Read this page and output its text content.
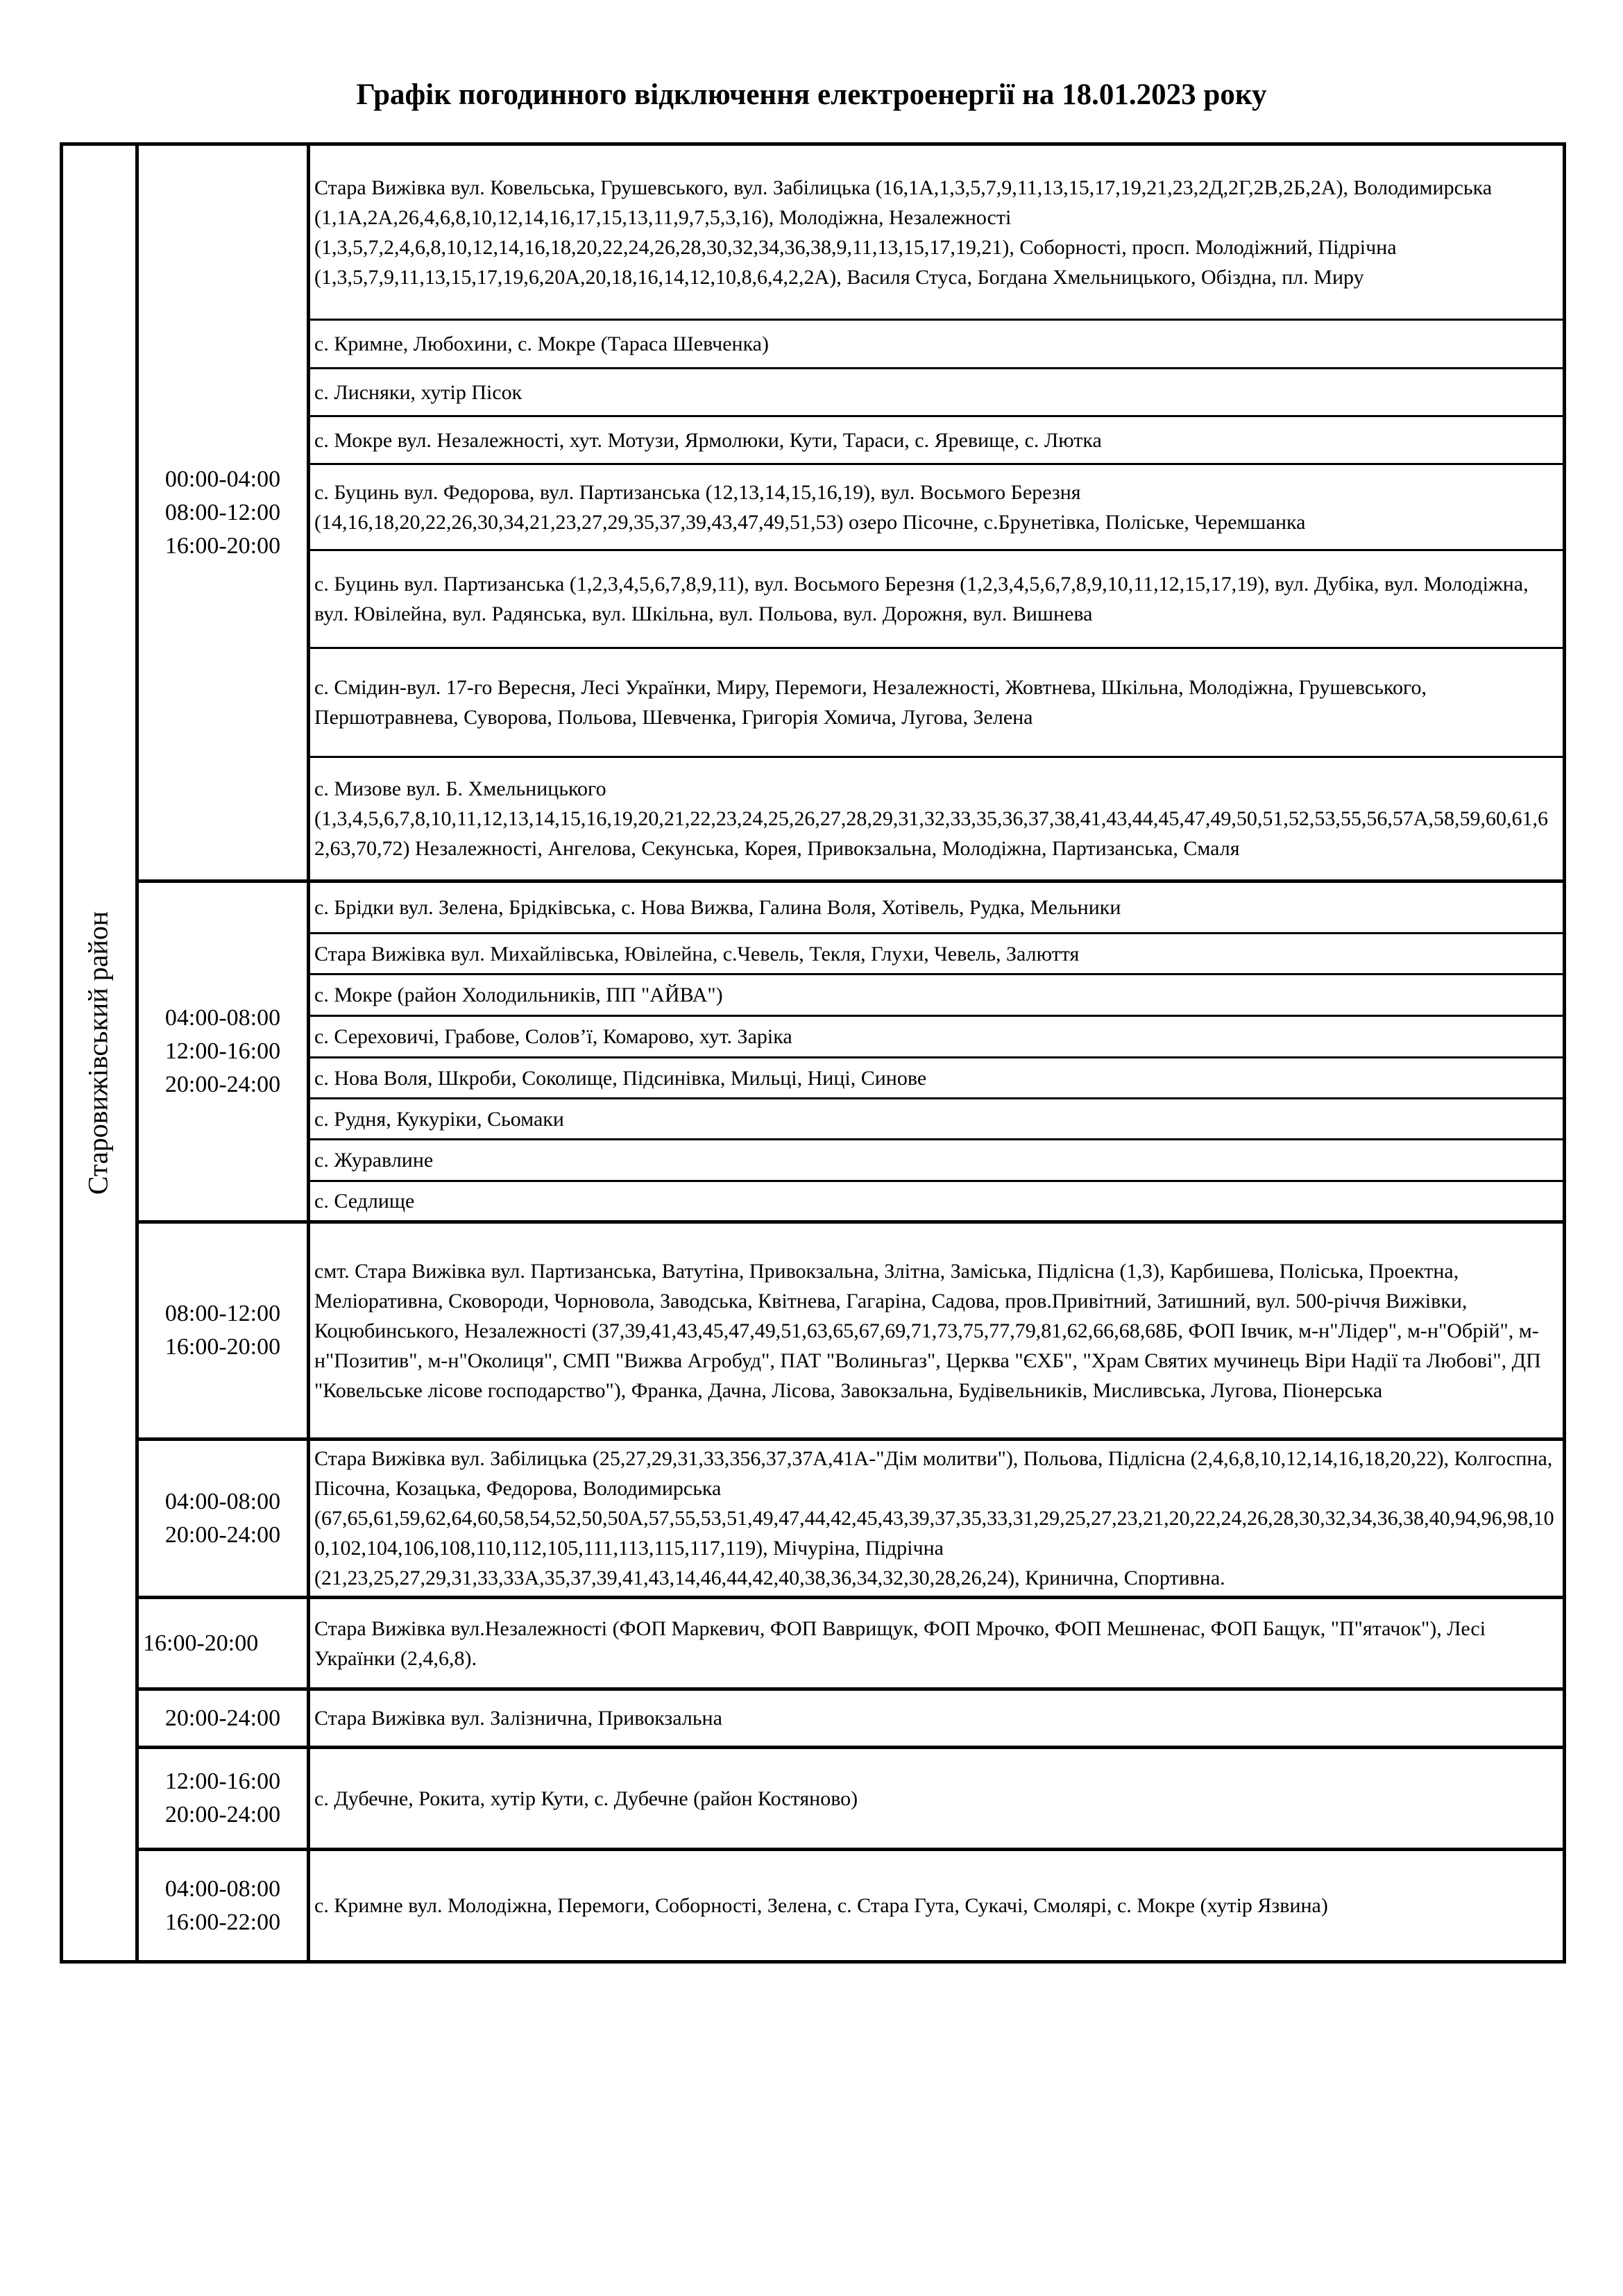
Графік погодинного відключення електроенергії на 18.01.2023 року
Старовижівський район
00:00-04:00
08:00-12:00
16:00-20:00
Стара Вижівка вул. Ковельська, Грушевського, вул. Забілицька (16,1А,1,3,5,7,9,11,13,15,17,19,21,23,2Д,2Г,2В,2Б,2А), Володимирська (1,1А,2А,26,4,6,8,10,12,14,16,17,15,13,11,9,7,5,3,16), Молодіжна, Незалежності (1,3,5,7,2,4,6,8,10,12,14,16,18,20,22,24,26,28,30,32,34,36,38,9,11,13,15,17,19,21), Соборності, просп. Молодіжний, Підрічна (1,3,5,7,9,11,13,15,17,19,6,20А,20,18,16,14,12,10,8,6,4,2,2А), Василя Стуса, Богдана Хмельницького, Обіздна, пл. Миру
с. Кримне, Любохини, с. Мокре (Тараса Шевченка)
с. Лисняки, хутір Пісок
с. Мокре вул. Незалежності, хут. Мотузи, Ярмолюки, Кути, Тараси, с. Яревище, с. Лютка
с. Буцинь вул. Федорова, вул. Партизанська (12,13,14,15,16,19), вул. Восьмого Березня (14,16,18,20,22,26,30,34,21,23,27,29,35,37,39,43,47,49,51,53) озеро Пісочне, с.Брунетівка, Поліське, Черемшанка
с. Буцинь вул. Партизанська (1,2,3,4,5,6,7,8,9,11), вул. Восьмого Березня (1,2,3,4,5,6,7,8,9,10,11,12,15,17,19), вул. Дубіка, вул. Молодіжна, вул. Ювілейна, вул. Радянська, вул. Шкільна, вул. Польова, вул. Дорожня, вул. Вишнева
с. Смідин-вул. 17-го Вересня, Лесі Українки, Миру, Перемоги, Незалежності, Жовтнева, Шкільна, Молодіжна, Грушевського, Першотравнева, Суворова, Польова, Шевченка, Григорія Хомича, Лугова, Зелена
с. Мизове вул. Б. Хмельницького (1,3,4,5,6,7,8,10,11,12,13,14,15,16,19,20,21,22,23,24,25,26,27,28,29,31,32,33,35,36,37,38,41,43,44,45,47,49,50,51,52,53,55,56,57А,58,59,60,61,62,63,70,72) Незалежності, Ангелова, Секунська, Корея, Привокзальна, Молодіжна, Партизанська, Смаля
04:00-08:00
12:00-16:00
20:00-24:00
с. Брідки вул. Зелена, Брідківська, с. Нова Вижва, Галина Воля, Хотівель, Рудка, Мельники
Стара Вижівка вул. Михайлівська, Ювілейна, с.Чевель, Текля, Глухи, Чевель, Залюття
с. Мокре (район Холодильників, ПП "АЙВА")
с. Сереховичі, Грабове, Солов’ї, Комарово, хут. Заріка
с. Нова Воля, Шкроби, Соколище, Підсинівка, Мильці, Ниці, Синове
с. Рудня, Кукуріки, Сьомаки
с. Журавлине
с. Седлище
08:00-12:00
16:00-20:00
смт. Стара Вижівка вул. Партизанська, Ватутіна, Привокзальна, Злітна, Заміська, Підлісна (1,3), Карбишева, Поліська, Проектна, Меліоративна, Сковороди, Чорновола, Заводська, Квітнева, Гагаріна, Садова, пров.Привітний, Затишний, вул. 500-річчя Вижівки, Коцюбинського, Незалежності (37,39,41,43,45,47,49,51,63,65,67,69,71,73,75,77,79,81,62,66,68,68Б, ФОП Івчик, м-н"Лідер", м-н"Обрій", м-н"Позитив", м-н"Околиця", СМП "Вижва Агробуд", ПАТ "Волиньгаз", Церква "ЄХБ", "Храм Святих мучинець Віри Надії та Любові", ДП "Ковельське лісове господарство"), Франка, Дачна, Лісова, Завокзальна, Будівельників, Мисливська, Лугова, Піонерська
04:00-08:00
20:00-24:00
Стара Вижівка вул. Забілицька (25,27,29,31,33,356,37,37А,41А-"Дім молитви"), Польова, Підлісна (2,4,6,8,10,12,14,16,18,20,22), Колгоспна, Пісочна, Козацька, Федорова, Володимирська (67,65,61,59,62,64,60,58,54,52,50,50А,57,55,53,51,49,47,44,42,45,43,39,37,35,33,31,29,25,27,23,21,20,22,24,26,28,30,32,34,36,38,40,94,96,98,100,102,104,106,108,110,112,105,111,113,115,117,119), Мічуріна, Підрічна (21,23,25,27,29,31,33,33А,35,37,39,41,43,14,46,44,42,40,38,36,34,32,30,28,26,24), Кринична, Спортивна.
16:00-20:00
Стара Вижівка вул.Незалежності (ФОП Маркевич, ФОП Ваврищук, ФОП Мрочко, ФОП Мешненас, ФОП Бащук, "П"ятачок"), Лесі Українки (2,4,6,8).
20:00-24:00 Стара Вижівка вул. Залізнична, Привокзальна
12:00-16:00
20:00-24:00
с. Дубечне, Рокита, хутір Кути, с. Дубечне (район Костяново)
04:00-08:00
16:00-22:00
с. Кримне вул. Молодіжна, Перемоги, Соборності, Зелена, с. Стара Гута, Сукачі, Смолярі, с. Мокре (хутір Язвина)
